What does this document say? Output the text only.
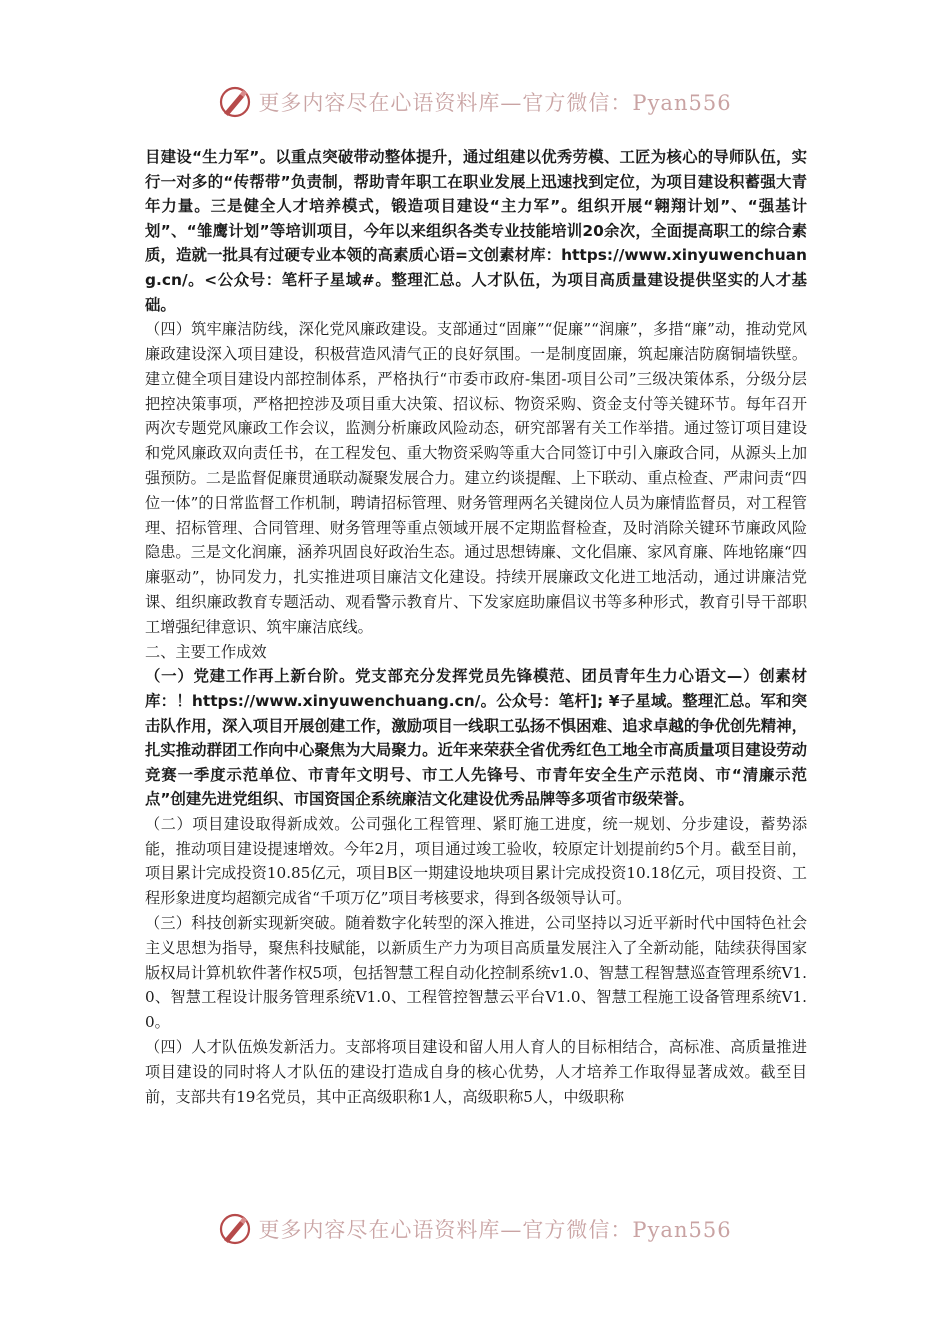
更多内容尽在心语资料库—官方微信：Pyan556

目建设“生力军”。以重点突破带动整体提升，通过组建以优秀劳模、工匠为核心的导师队伍，实行一对多的“传帮带”负责制，帮助青年职工在职业发展上迅速找到定位，为项目建设积蓄强大青年力量。三是健全人才培养模式，锻造项目建设“主力军”。组织开展“翱翔计划”、“强基计划”、“雏鹰计划”等培训项目，今年以来组织各类专业技能培训20余次，全面提高职工的综合素质，造就一批具有过硬专业本领的高素质心语=文创素材库：https://www.xinyuwenchuang.cn/。<公众号：笔杆子星域#。整理汇总。人才队伍，为项目高质量建设提供坚实的人才基础。

（四）筑牢廉洁防线，深化党风廉政建设。支部通过“固廉”“促廉”“润廉”，多措“廉”动，推动党风廉政建设深入项目建设，积极营造风清气正的良好氛围。一是制度固廉，筑起廉洁防腐铜墙铁壁。建立健全项目建设内部控制体系，严格执行“市委市政府-集团-项目公司”三级决策体系，分级分层把控决策事项，严格把控涉及项目重大决策、招议标、物资采购、资金支付等关键环节。每年召开两次专题党风廉政工作会议，监测分析廉政风险动态，研究部署有关工作举措。通过签订项目建设和党风廉政双向责任书，在工程发包、重大物资采购等重大合同签订中引入廉政合同，从源头上加强预防。二是监督促廉贯通联动凝聚发展合力。建立约谈提醒、上下联动、重点检查、严肃问责“四位一体”的日常监督工作机制，聘请招标管理、财务管理两名关键岗位人员为廉情监督员，对工程管理、招标管理、合同管理、财务管理等重点领域开展不定期监督检查，及时消除关键环节廉政风险隐患。三是文化润廉，涵养巩固良好政治生态。通过思想铸廉、文化倡廉、家风育廉、阵地铭廉“四廉驱动”，协同发力，扎实推进项目廉洁文化建设。持续开展廉政文化进工地活动，通过讲廉洁党课、组织廉政教育专题活动、观看警示教育片、下发家庭助廉倡议书等多种形式，教育引导干部职工增强纪律意识、筑牢廉洁底线。

二、主要工作成效

（一）党建工作再上新台阶。党支部充分发挥党员先锋模范、团员青年生力心语文—）创素材库：！https://www.xinyuwenchuang.cn/。公众号：笔杆]; ¥子星域。整理汇总。军和突击队作用，深入项目开展创建工作，激励项目一线职工弘扬不惧困难、追求卓越的争优创先精神，扎实推动群团工作向中心聚焦为大局聚力。近年来荣获全省优秀红色工地全市高质量项目建设劳动竞赛一季度示范单位、市青年文明号、市工人先锋号、市青年安全生产示范岗、市“清廉示范点”创建先进党组织、市国资国企系统廉洁文化建设优秀品牌等多项省市级荣誉。

（二）项目建设取得新成效。公司强化工程管理、紧盯施工进度，统一规划、分步建设，蓄势添能，推动项目建设提速增效。今年2月，项目通过竣工验收，较原定计划提前约5个月。截至目前，项目累计完成投资10.85亿元，项目B区一期建设地块项目累计完成投资10.18亿元，项目投资、工程形象进度均超额完成省“千项万亿”项目考核要求，得到各级领导认可。

（三）科技创新实现新突破。随着数字化转型的深入推进，公司坚持以习近平新时代中国特色社会主义思想为指导，聚焦科技赋能，以新质生产力为项目高质量发展注入了全新动能，陆续获得国家版权局计算机软件著作权5项，包括智慧工程自动化控制系统v1.0、智慧工程智慧巡查管理系统V1.0、智慧工程设计服务管理系统V1.0、工程管控智慧云平台V1.0、智慧工程施工设备管理系统V1.0。

（四）人才队伍焕发新活力。支部将项目建设和留人用人育人的目标相结合，高标准、高质量推进项目建设的同时将人才队伍的建设打造成自身的核心优势，人才培养工作取得显著成效。截至目前，支部共有19名党员，其中正高级职称1人，高级职称5人，中级职称

更多内容尽在心语资料库—官方微信：Pyan556
